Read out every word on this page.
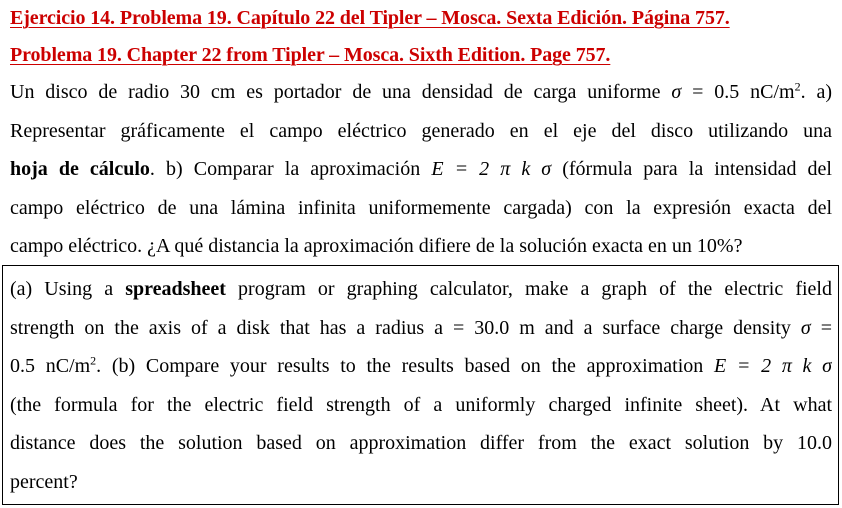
Ejercicio 14. Problema 19. Capítulo 22 del Tipler – Mosca. Sexta Edición. Página 757.
Problema 19. Chapter 22 from Tipler – Mosca. Sixth Edition. Page 757.
Un disco de radio 30 cm es portador de una densidad de carga uniforme σ = 0.5 $nC/m^2$. a)
Representar gráficamente el campo eléctrico generado en el eje del disco utilizando una
hoja de cálculo. b) Comparar la aproximación E = 2 π k σ (fórmula para la intensidad del
campo eléctrico de una lámina infinita uniformemente cargada) con la expresión exacta del
campo eléctrico. ¿A qué distancia la aproximación difiere de la solución exacta en un 10%?
(a) Using a spreadsheet program or graphing calculator, make a graph of the electric field
strength on the axis of a disk that has a radius a = 30.0 m and a surface charge density σ =
0.5 $nC/m^2$. (b) Compare your results to the results based on the approximation E = 2 π k σ
(the formula for the electric field strength of a uniformly charged infinite sheet). At what
distance does the solution based on approximation differ from the exact solution by 10.0
percent?
